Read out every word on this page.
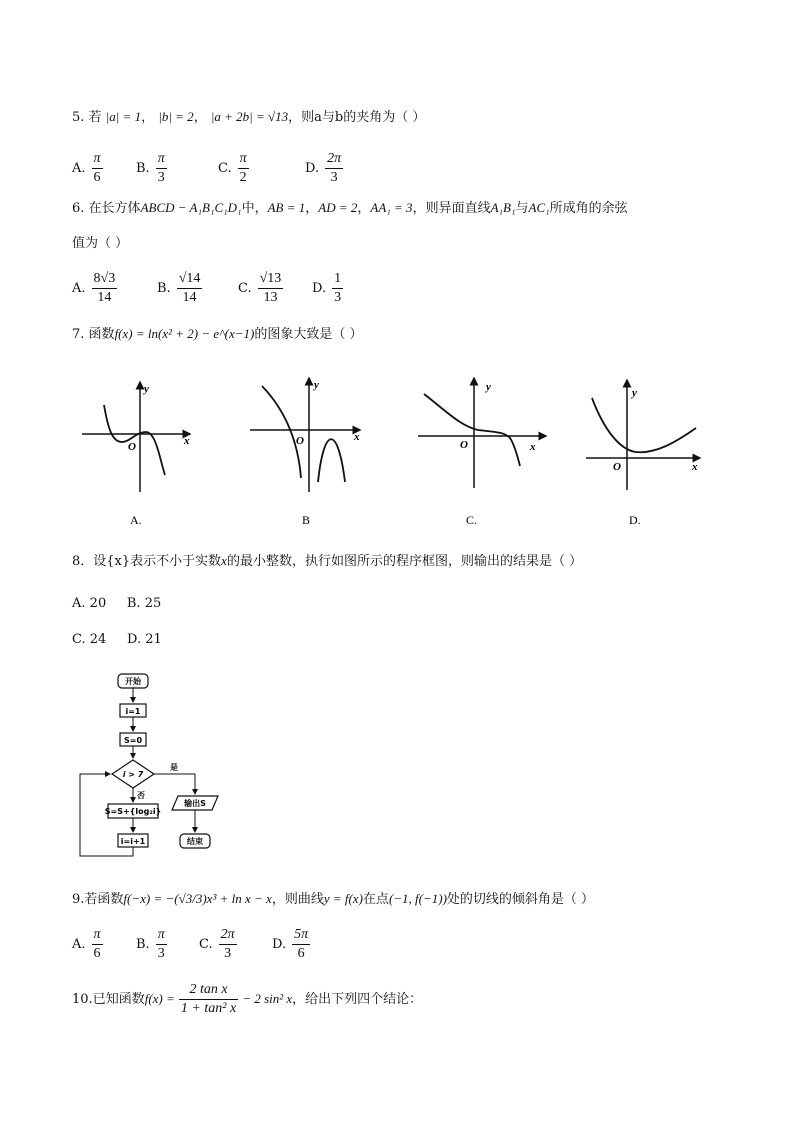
5. 若 |a| = 1， |b| = 2， |a + 2b| = √13，则a与b的夹角为（ ）
A. $\frac{\pi}{6}$	B. $\frac{\pi}{3}$	C. $\frac{\pi}{2}$	D. $\frac{2\pi}{3}$
6. 在长方体ABCD − A₁B₁C₁D₁中，AB = 1，AD = 2，AA₁ = 3，则异面直线A₁B₁与AC₁所成角的余弦
值为（ ）
A. $\frac{8√3}{14}$	B. $\frac{√14}{14}$	C. $\frac{√13}{13} D$. $\frac{1}{3}$
7. 函数f(x) = ln(x² + 2) − e^(x−1)的图象大致是（ ）
y
x
O
A.
y
x
O
B
y
x
O
C.
y
x
O
D.
8．设{x}表示不小于实数x的最小整数，执行如图所示的程序框图，则输出的结果是（ ）
A. 20 B. 25
C. 24 D. 21
开始
i=1
S=0
i > 7
是
输出S
结束
否
S=S+{log₂i}
i=i+1
9.若函数f(−x) = −(√3/3)x³ + ln x − x，则曲线y = f(x)在点(−1, f(−1))处的切线的倾斜角是（ ）
A. $\frac{\pi}{6}$	B. $\frac{\pi}{3} C$. $\frac{2\pi}{3}$	D. $\frac{5\pi}{6}$
10.已知函数$f(x) = \frac{\text{2 tan x}}{\text{1 + tan² x}} - 2$ sin² x，给出下列四个结论：
